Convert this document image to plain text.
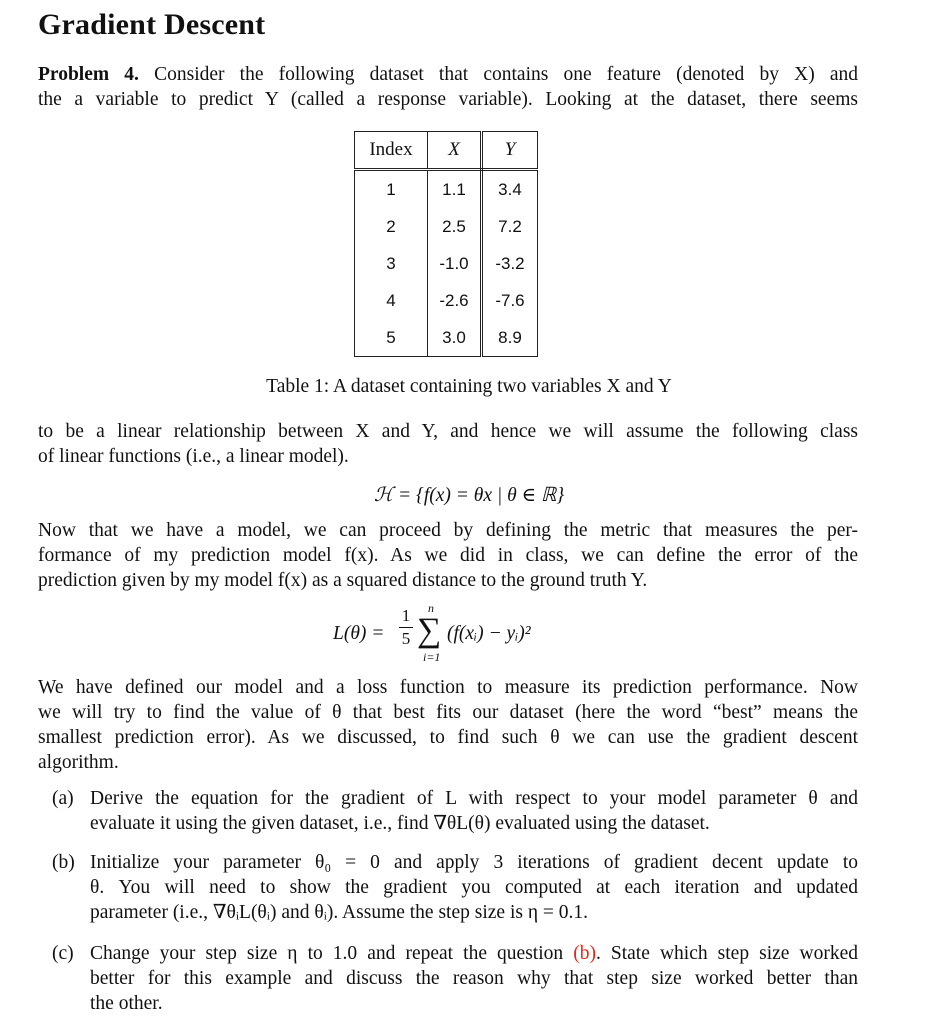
Gradient Descent
Problem 4. Consider the following dataset that contains one feature (denoted by X) and
the a variable to predict Y (called a response variable). Looking at the dataset, there seems
Index	X	Y
1	1.1	3.4
2	2.5	7.2
3	-1.0	-3.2
4	-2.6	-7.6
5	3.0	8.9
Table 1: A dataset containing two variables X and Y
to be a linear relationship between X and Y, and hence we will assume the following class
of linear functions (i.e., a linear model).
ℋ = {f(x) = θx | θ ∈ ℝ}
Now that we have a model, we can proceed by defining the metric that measures the per-
formance of my prediction model f(x). As we did in class, we can define the error of the
prediction given by my model f(x) as a squared distance to the ground truth Y.
L(θ) =
1
5
n
∑
i=1
(f(xᵢ) − yᵢ)²
We have defined our model and a loss function to measure its prediction performance. Now
we will try to find the value of θ that best fits our dataset (here the word “best” means the
smallest prediction error). As we discussed, to find such θ we can use the gradient descent
algorithm.
(a) Derive the equation for the gradient of L with respect to your model parameter θ and
evaluate it using the given dataset, i.e., find ∇θL(θ) evaluated using the dataset.
(b) Initialize your parameter θ₀ = 0 and apply 3 iterations of gradient decent update to
θ. You will need to show the gradient you computed at each iteration and updated
parameter (i.e., ∇θᵢL(θᵢ) and θᵢ). Assume the step size is η = 0.1.
(c) Change your step size η to 1.0 and repeat the question (b). State which step size worked
better for this example and discuss the reason why that step size worked better than
the other.
